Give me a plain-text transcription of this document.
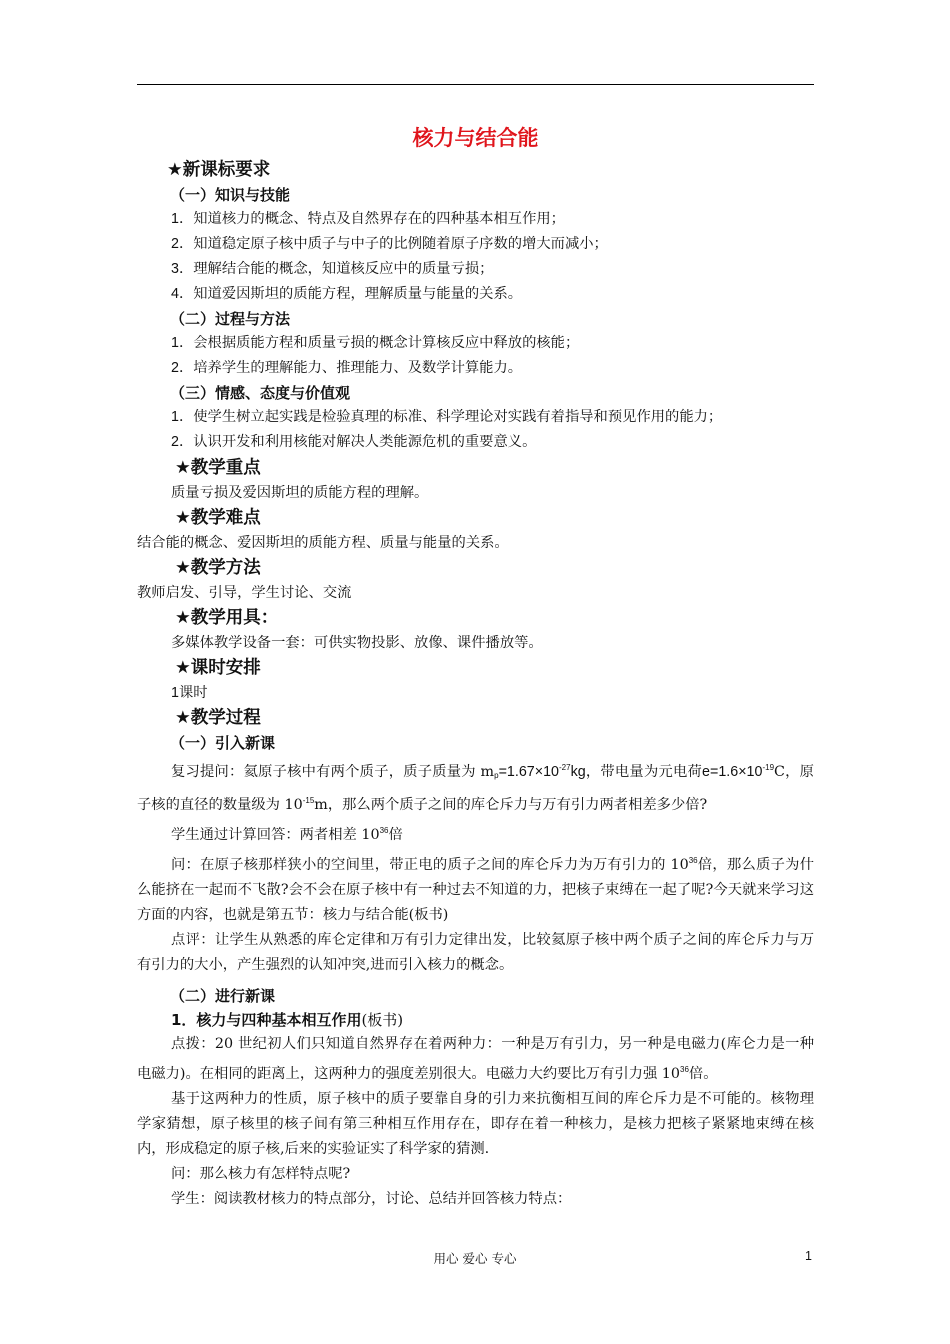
核力与结合能
★新课标要求
（一）知识与技能
1．知道核力的概念、特点及自然界存在的四种基本相互作用；
2．知道稳定原子核中质子与中子的比例随着原子序数的增大而减小；
3．理解结合能的概念，知道核反应中的质量亏损；
4．知道爱因斯坦的质能方程，理解质量与能量的关系。
（二）过程与方法
1．会根据质能方程和质量亏损的概念计算核反应中释放的核能；
2．培养学生的理解能力、推理能力、及数学计算能力。
（三）情感、态度与价值观
1．使学生树立起实践是检验真理的标准、科学理论对实践有着指导和预见作用的能力；
2．认识开发和利用核能对解决人类能源危机的重要意义。
★教学重点
质量亏损及爱因斯坦的质能方程的理解。
★教学难点
结合能的概念、爱因斯坦的质能方程、质量与能量的关系。
★教学方法
教师启发、引导，学生讨论、交流
★教学用具：
多媒体教学设备一套：可供实物投影、放像、课件播放等。
★课时安排
1课时
★教学过程
（一）引入新课
复习提问：氦原子核中有两个质子，质子质量为 $m_p=1.67\times 10^{-27}kg$，带电量为元电荷$e=1.6\times 10^{-19}C$，原子核的直径的数量级为 $10^{-15}m$，那么两个质子之间的库仑斥力与万有引力两者相差多少倍?
学生通过计算回答：两者相差 $10^{36}$倍
问：在原子核那样狭小的空间里，带正电的质子之间的库仑斥力为万有引力的 $10^{36}$倍，那么质子为什么能挤在一起而不飞散?会不会在原子核中有一种过去不知道的力，把核子束缚在一起了呢?今天就来学习这方面的内容，也就是第五节：核力与结合能(板书)
点评：让学生从熟悉的库仑定律和万有引力定律出发，比较氦原子核中两个质子之间的库仑斥力与万有引力的大小，产生强烈的认知冲突,进而引入核力的概念。
（二）进行新课
1．核力与四种基本相互作用(板书)
点拨：20 世纪初人们只知道自然界存在着两种力：一种是万有引力，另一种是电磁力(库仑力是一种电磁力)。在相同的距离上，这两种力的强度差别很大。电磁力大约要比万有引力强 $10^{36}$倍。
基于这两种力的性质，原子核中的质子要靠自身的引力来抗衡相互间的库仑斥力是不可能的。核物理学家猜想，原子核里的核子间有第三种相互作用存在，即存在着一种核力，是核力把核子紧紧地束缚在核内，形成稳定的原子核,后来的实验证实了科学家的猜测.
问：那么核力有怎样特点呢?
学生：阅读教材核力的特点部分，讨论、总结并回答核力特点：
用心 爱心 专心	1
